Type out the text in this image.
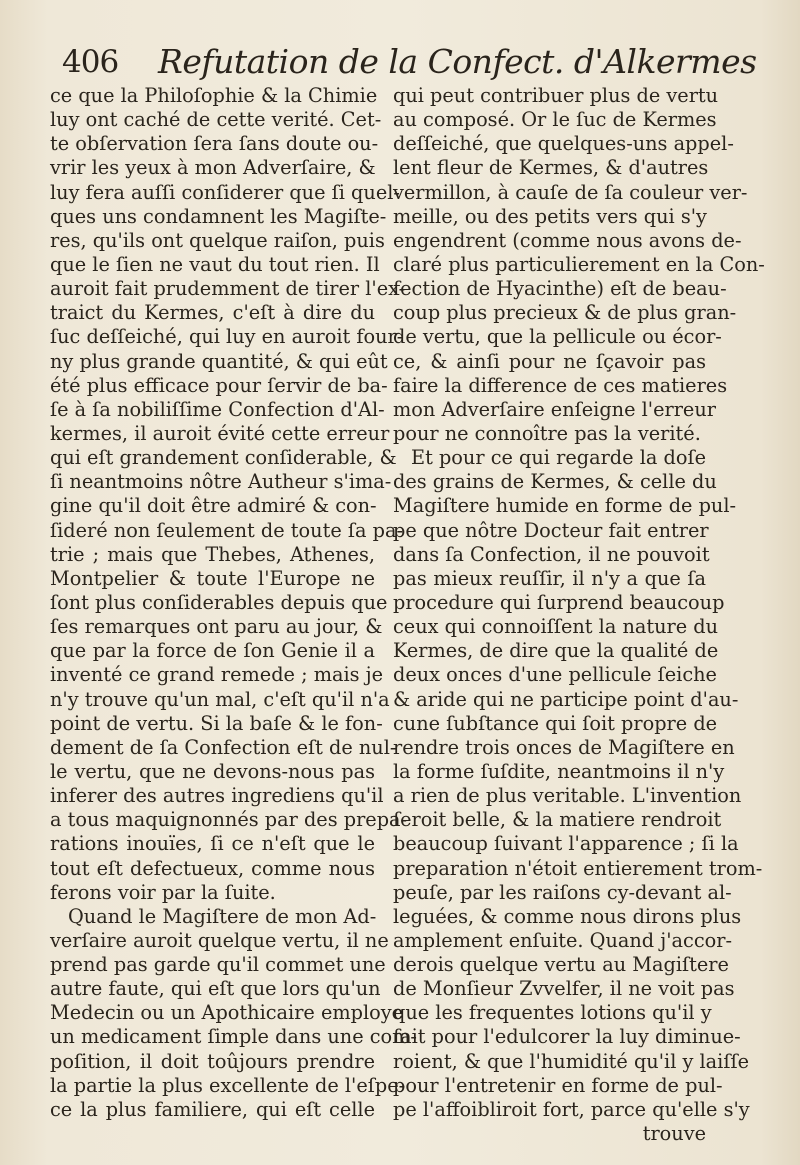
406 Refutation de la Confect. d'Alkermes
ce que la Philoſophie & la Chimie
luy ont caché de cette verité. Cet-
te obſervation ſera ſans doute ou-
vrir les yeux à mon Adverſaire, &
luy fera auſſi conſiderer que ſi quel-
ques uns condamnent les Magiſte-
res, qu'ils ont quelque raiſon, puis
que le ſien ne vaut du tout rien. Il
auroit fait prudemment de tirer l'ex-
traict du Kermes, c'eſt à dire du
ſuc deſſeiché, qui luy en auroit four-
ny plus grande quantité, & qui eût
été plus efficace pour ſervir de ba-
ſe à ſa nobiliſſime Confection d'Al-
kermes, il auroit évité cette erreur
qui eſt grandement conſiderable, &
ſi neantmoins nôtre Autheur s'ima-
gine qu'il doit être admiré & con-
ſideré non ſeulement de toute ſa pa-
trie ; mais que Thebes, Athenes,
Montpelier & toute l'Europe ne
ſont plus conſiderables depuis que
ſes remarques ont paru au jour, &
que par la force de ſon Genie il a
inventé ce grand remede ; mais je
n'y trouve qu'un mal, c'eſt qu'il n'a
point de vertu. Si la baſe & le fon-
dement de ſa Confection eſt de nul-
le vertu, que ne devons-nous pas
inferer des autres ingrediens qu'il
a tous maquignonnés par des prepa-
rations inouïes, ſi ce n'eſt que le
tout eſt defectueux, comme nous
ferons voir par la ſuite.
Quand le Magiſtere de mon Ad-
verſaire auroit quelque vertu, il ne
prend pas garde qu'il commet une
autre faute, qui eſt que lors qu'un
Medecin ou un Apothicaire employe
un medicament ſimple dans une com-
poſition, il doit toûjours prendre
la partie la plus excellente de l'eſpe-
ce la plus familiere, qui eſt celle
qui peut contribuer plus de vertu
au composé. Or le ſuc de Kermes
deſſeiché, que quelques-uns appel-
lent fleur de Kermes, & d'autres
vermillon, à cauſe de ſa couleur ver-
meille, ou des petits vers qui s'y
engendrent (comme nous avons de-
claré plus particulierement en la Con-
fection de Hyacinthe) eſt de beau-
coup plus precieux & de plus gran-
de vertu, que la pellicule ou écor-
ce, & ainſi pour ne ſçavoir pas
faire la difference de ces matieres
mon Adverſaire enſeigne l'erreur
pour ne connoître pas la verité.
Et pour ce qui regarde la doſe
des grains de Kermes, & celle du
Magiſtere humide en forme de pul-
pe que nôtre Docteur fait entrer
dans ſa Confection, il ne pouvoit
pas mieux reuſſir, il n'y a que ſa
procedure qui ſurprend beaucoup
ceux qui connoiſſent la nature du
Kermes, de dire que la qualité de
deux onces d'une pellicule ſeiche
& aride qui ne participe point d'au-
cune ſubſtance qui ſoit propre de
rendre trois onces de Magiſtere en
la forme ſuſdite, neantmoins il n'y
a rien de plus veritable. L'invention
ſeroit belle, & la matiere rendroit
beaucoup ſuivant l'apparence ; ſi la
preparation n'étoit entierement trom-
peuſe, par les raiſons cy-devant al-
leguées, & comme nous dirons plus
amplement enſuite. Quand j'accor-
derois quelque vertu au Magiſtere
de Monſieur Zvvelfer, il ne voit pas
que les frequentes lotions qu'il y
fait pour l'edulcorer la luy diminue-
roient, & que l'humidité qu'il y laiſſe
pour l'entretenir en forme de pul-
pe l'affoibliroit fort, parce qu'elle s'y
trouve
